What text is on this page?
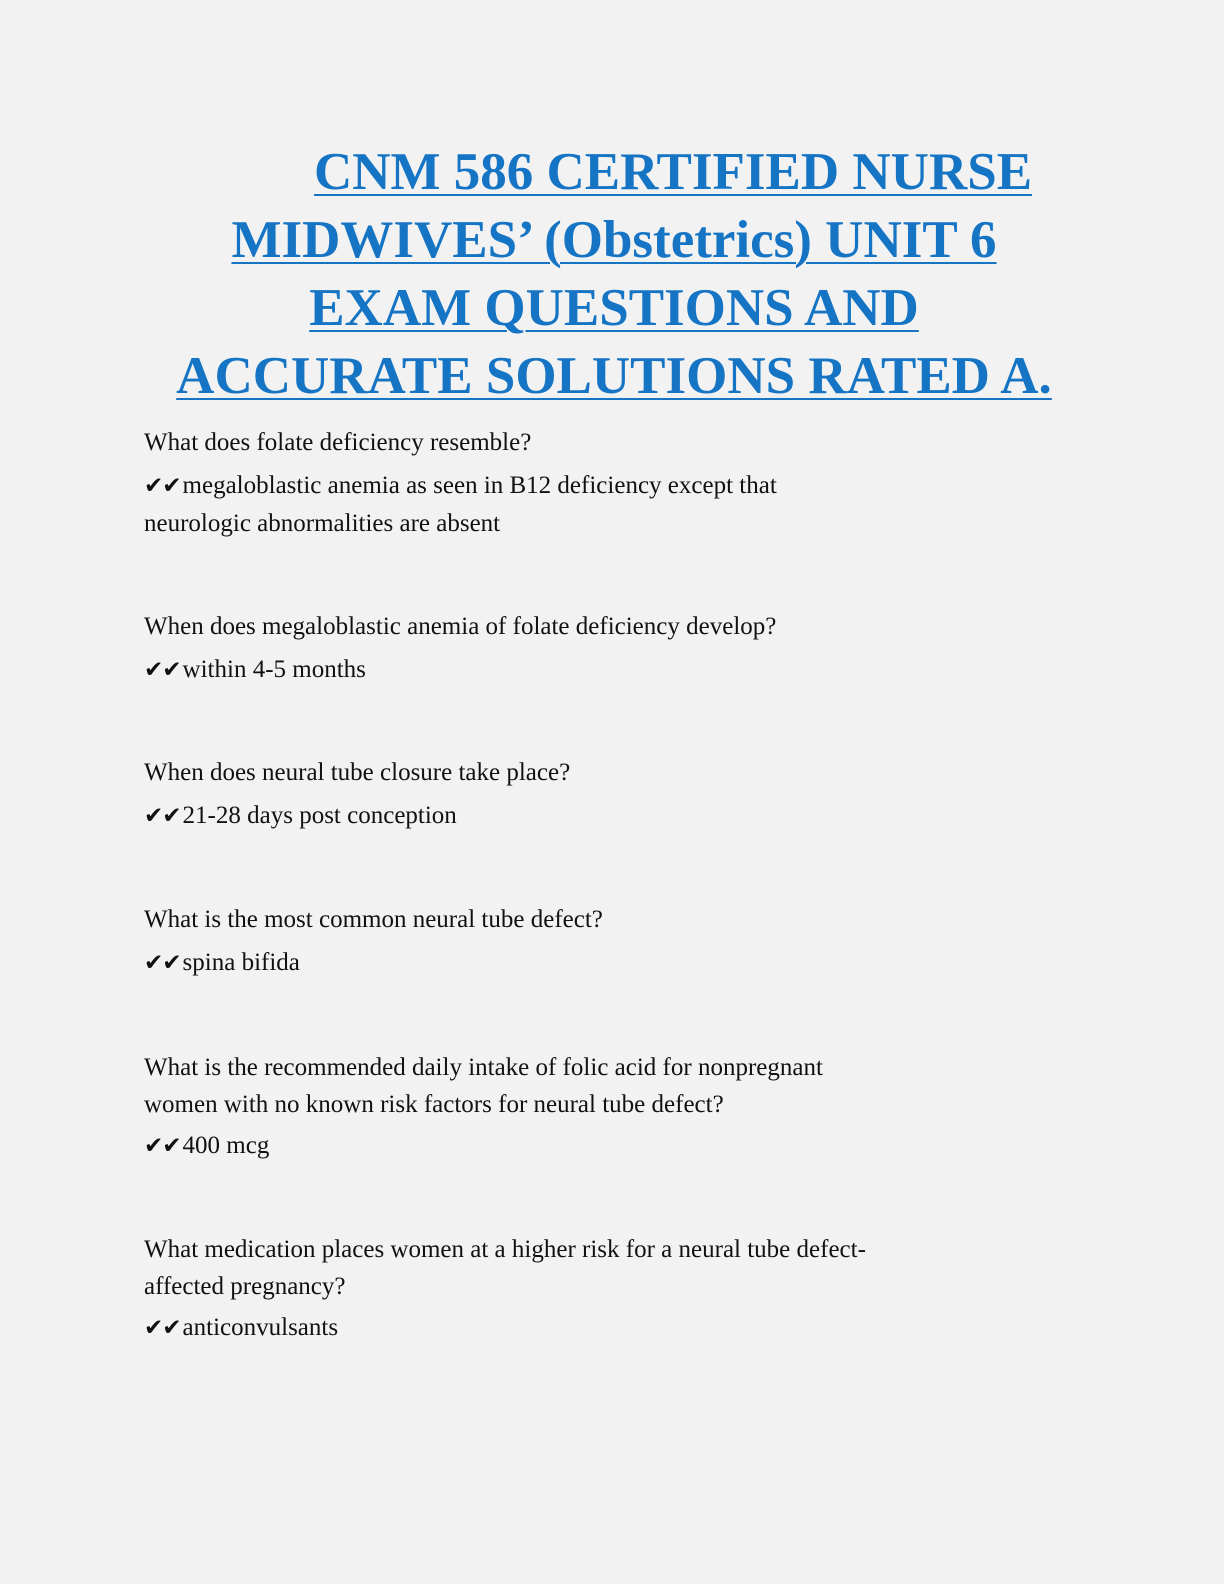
CNM 586 CERTIFIED NURSE
MIDWIVES’ (Obstetrics) UNIT 6
EXAM QUESTIONS AND
ACCURATE SOLUTIONS RATED A.

What does folate deficiency resemble?

✔✔megaloblastic anemia as seen in B12 deficiency except that

neurologic abnormalities are absent

When does megaloblastic anemia of folate deficiency develop?

✔✔within 4-5 months

When does neural tube closure take place?

✔✔21-28 days post conception

What is the most common neural tube defect?

✔✔spina bifida

What is the recommended daily intake of folic acid for nonpregnant

women with no known risk factors for neural tube defect?

✔✔400 mcg

What medication places women at a higher risk for a neural tube defect-

affected pregnancy?

✔✔anticonvulsants
